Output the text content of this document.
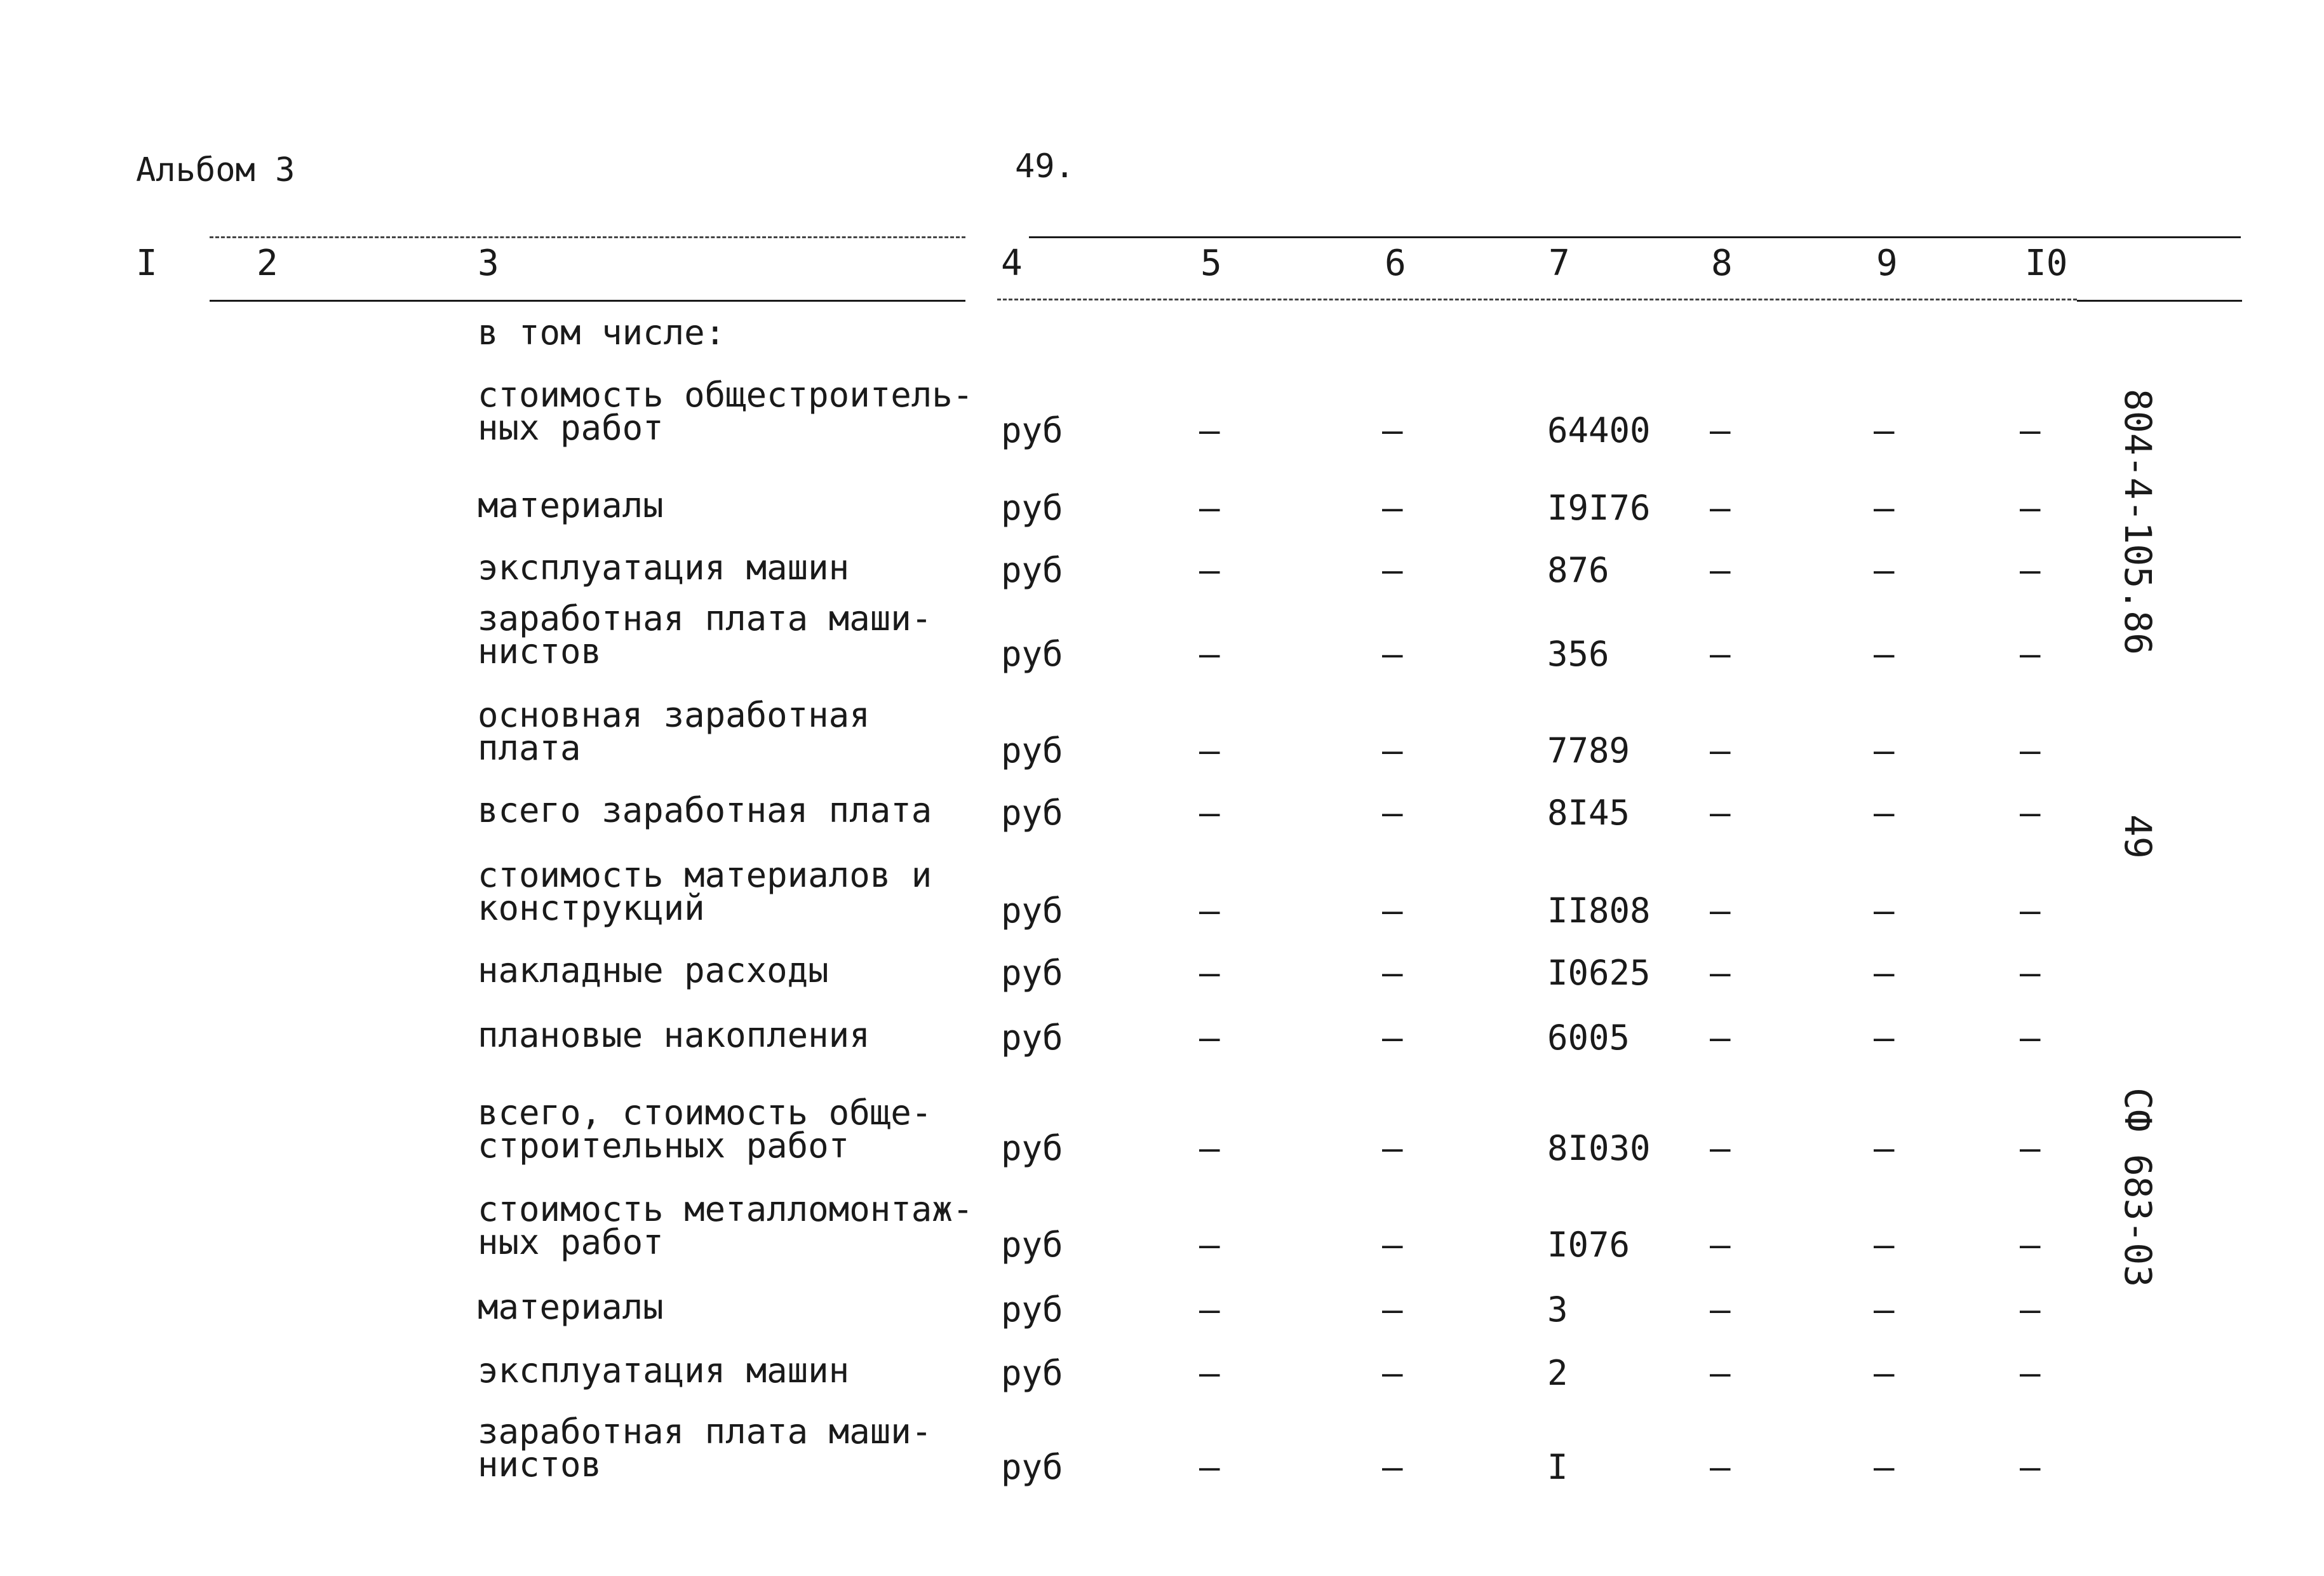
Альбом 3	49.
I	2	3	4	5	6	7	8	9	I0
в том числе:
стоимость общестроитель-
ных работ	руб	–	–	64400 –	–	–
материалы	руб	–	–	I9I76 –	–	–
эксплуатация машин	руб	–	–	876	–	–	–
заработная плата маши-
нистов	руб	–	–	356	–	–	–
основная заработная
плата	руб	–	–	7789 –	–	–
всего заработная плата руб	–	–	8I45 –	–	–
стоимость материалов и
конструкций	руб	–	–	II808 –	–	–
накладные расходы	руб	–	–	I0625 –	–	–
плановые накопления	руб	–	–	6005 –	–	–
всего, стоимость обще-
строительных работ	руб	–	–	8I030 –	–	–
стоимость металломонтаж-
ных работ	руб	–	–	I076 –	–	–
материалы	руб	–	–	3	–	–	–
эксплуатация машин	руб	–	–	2	–	–	–
заработная плата маши-
нистов	руб	–	–	I	–	–	–
804-4-105.86
49
СФ 683-03
